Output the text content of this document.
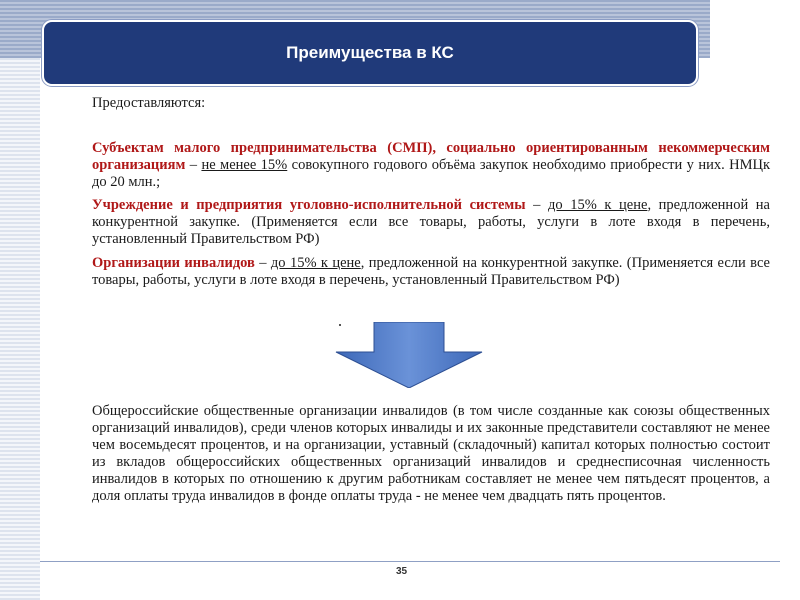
Преимущества в КС
Предоставляются:
Субъектам малого предпринимательства (СМП), социально ориентированным некоммерческим организациям – не менее 15% совокупного годового объёма закупок необходимо приобрести у них. НМЦк до 20 млн.;
Учреждение и предприятия уголовно-исполнительной системы – до 15% к цене, предложенной на конкурентной закупке. (Применяется если все товары, работы, услуги в лоте входя в перечень, установленный Правительством РФ)
Организации инвалидов – до 15% к цене, предложенной на конкурентной закупке. (Применяется если все товары, работы, услуги в лоте входя в перечень, установленный Правительством РФ)
Общероссийские общественные организации инвалидов (в том числе созданные как союзы общественных организаций инвалидов), среди членов которых инвалиды и их законные представители составляют не менее чем восемьдесят процентов, и на организации, уставный (складочный) капитал которых полностью состоит из вкладов общероссийских общественных организаций инвалидов и среднесписочная численность инвалидов в которых по отношению к другим работникам составляет не менее чем пятьдесят процентов, а доля оплаты труда инвалидов в фонде оплаты труда - не менее чем двадцать пять процентов.
35
